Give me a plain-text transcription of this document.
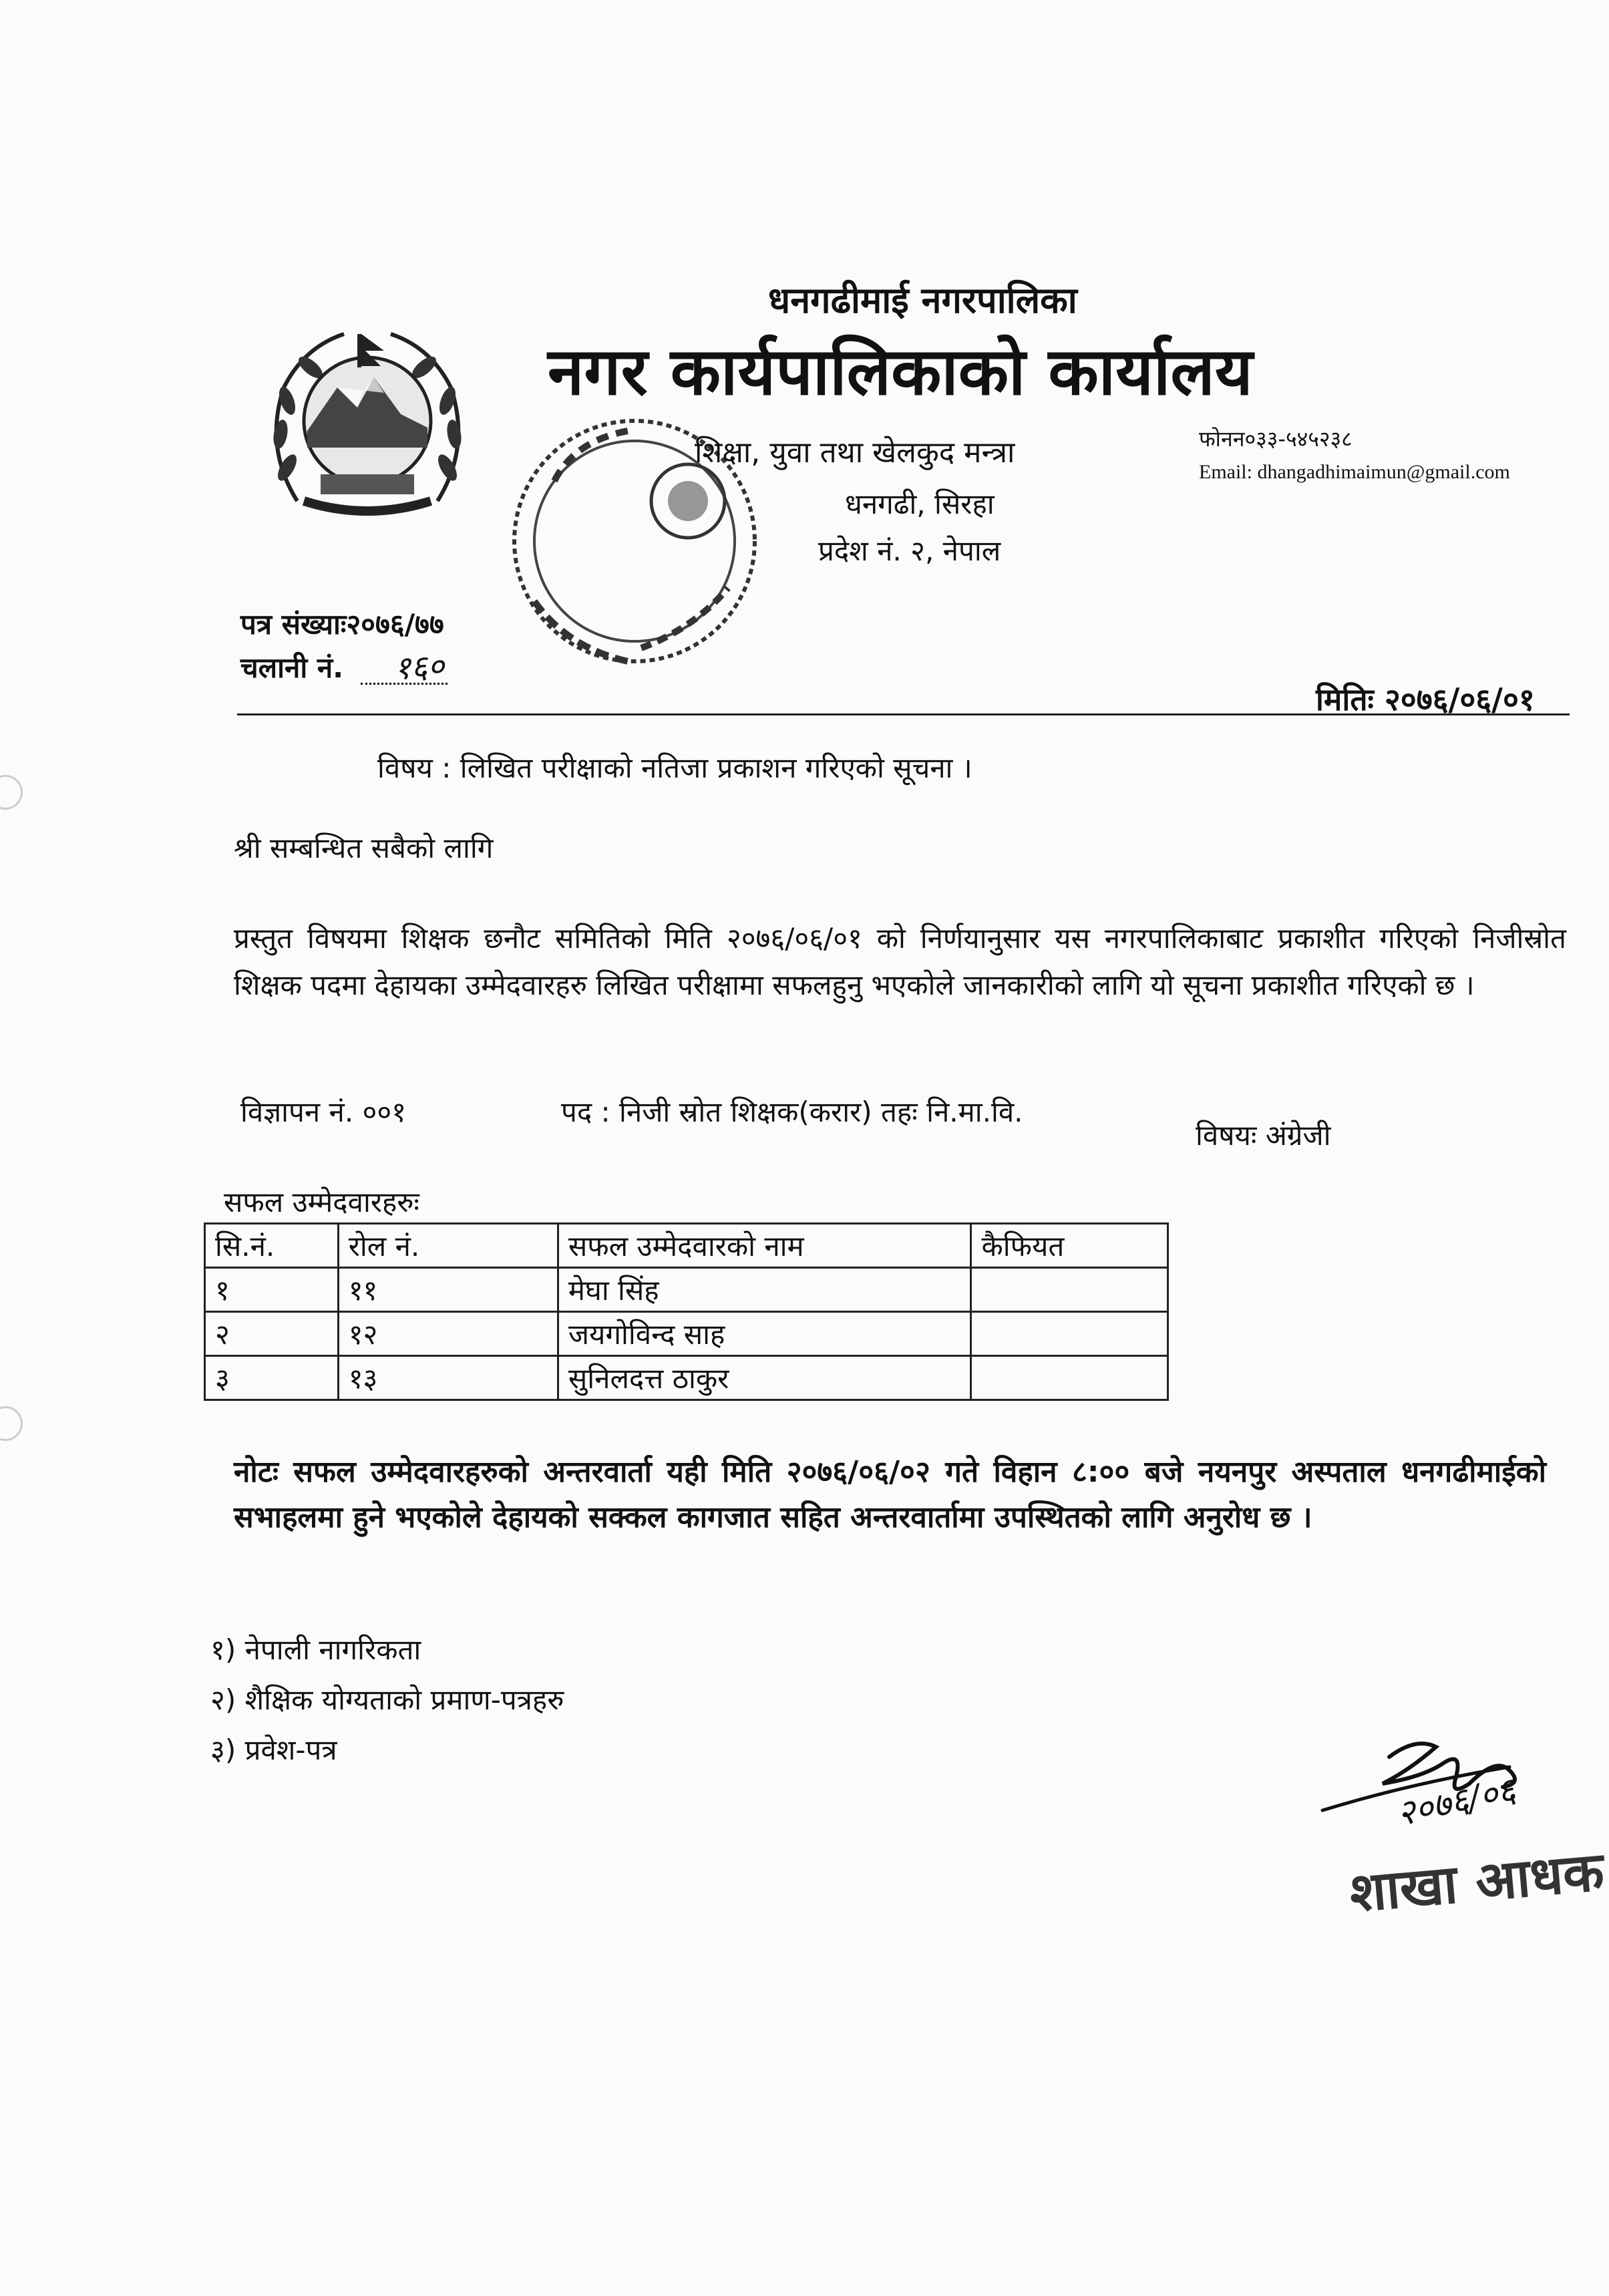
धनगढीमाई नगरपालिका
नगर कार्यपालिकाको कार्यालय
शिक्षा, युवा तथा खेलकुद मन्त्रा
धनगढी, सिरहा
प्रदेश नं. २, नेपाल
फोनन०३३-५४५२३८
Email: dhangadhimaimun@gmail.com
पत्र संख्याः२०७६/७७
चलानी नं. १६०
मितिः २०७६/०६/०१
विषय : लिखित परीक्षाको नतिजा प्रकाशन गरिएको सूचना ।
श्री सम्बन्धित सबैको लागि
प्रस्तुत विषयमा शिक्षक छनौट समितिको मिति २०७६/०६/०१ को निर्णयानुसार यस नगरपालिकाबाट प्रकाशीत गरिएको निजीस्रोत शिक्षक पदमा देहायका उम्मेदवारहरु लिखित परीक्षामा सफलहुनु भएकोले जानकारीको लागि यो सूचना प्रकाशीत गरिएको छ ।
विज्ञापन नं. ००१	पद : निजी स्रोत शिक्षक(करार) तहः नि.मा.वि.
विषयः अंग्रेजी
सफल उम्मेदवारहरुः
सि.नं.	रोल नं.	सफल उम्मेदवारको नाम	कैफियत
१	११	मेघा सिंह	
२	१२	जयगोविन्द साह	
३	१३	सुनिलदत्त ठाकुर	
नोटः सफल उम्मेदवारहरुको अन्तरवार्ता यही मिति २०७६/०६/०२ गते विहान ८:०० बजे नयनपुर अस्पताल धनगढीमाईको सभाहलमा हुने भएकोले देहायको सक्कल कागजात सहित अन्तरवार्तामा उपस्थितको लागि अनुरोध छ ।
१) नेपाली नागरिकता
२) शैक्षिक योग्यताको प्रमाण-पत्रहरु
३) प्रवेश-पत्र
२०७६/०६
शाखा आधक
